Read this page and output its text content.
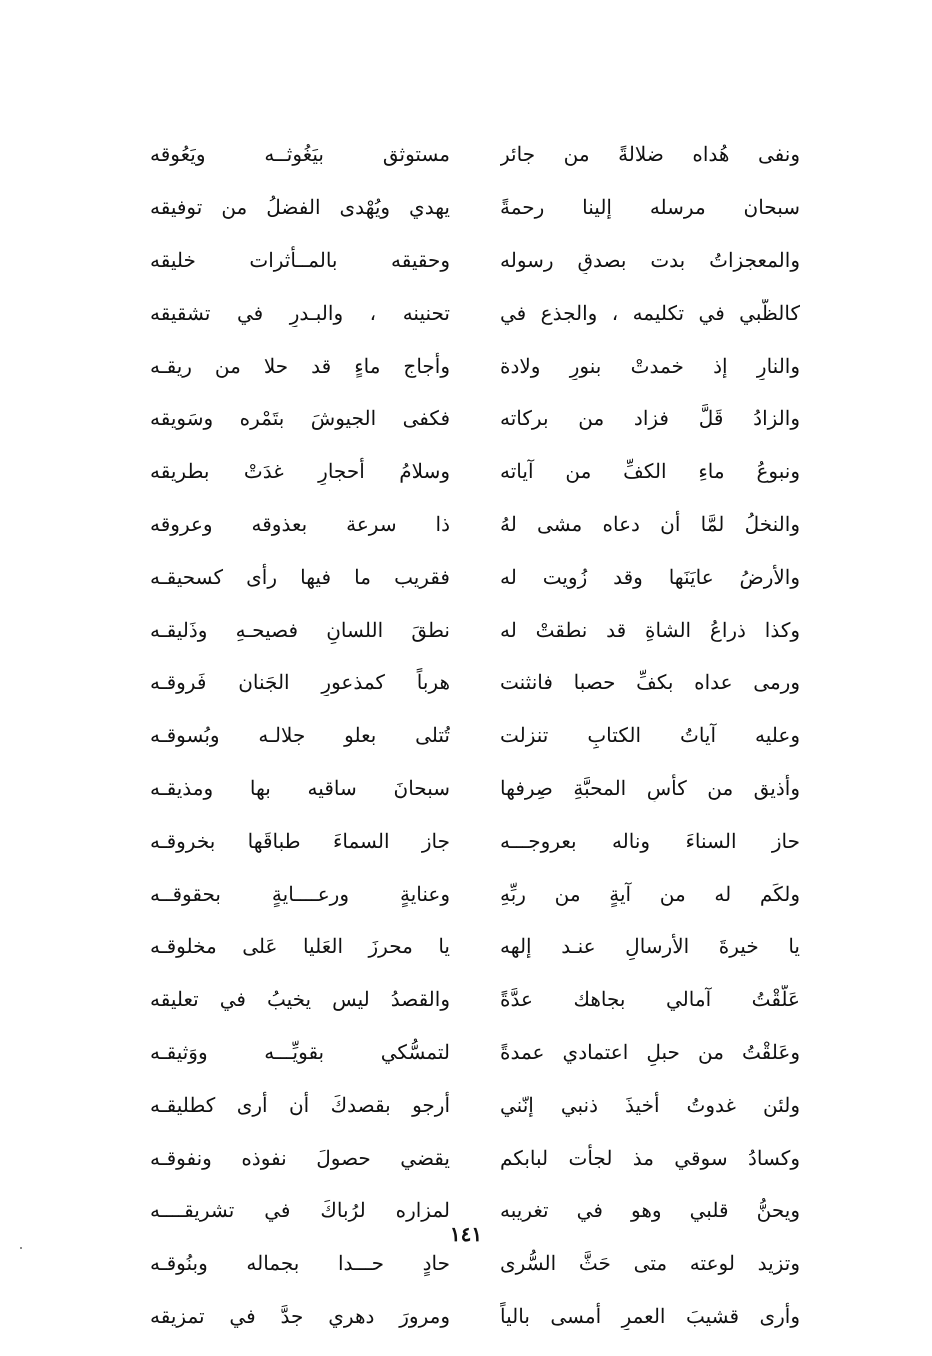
ونفى هُداه ضلالةً من جائر
مستوثق بيَغُوثــه ويَعُوقه
سبحان مرسله إلينا رحمةً
يهدي ويُهْدى الفضلُ من توفيقه
والمعجزاتُ بدت بصدقِ رسوله
وحقيقه بالمــأثرات خليقه
كالظّبي في تكليمه ، والجذع في
تحنينه ، والبـدرِ في تشقيقه
والنارِ إذ خمدتْ بنورِ ولادة
وأُجاجِ ماءٍ قد حلا من ريقـه
والزادُ قَلَّ فزاد من بركاته
فكفى الجيوشَ بتَمْره وسَويقه
ونبوعُ ماءِ الكفِّ من آياته
وسلامُ أحجارٍ غدَتْ بطريقه
والنخلُ لمَّا أن دعاه مشى لهُ
ذا سرعة بعذوقه وعروقه
والأرضُ عايَنَها وقد زُويت له
فقريب ما فيها رأى كسحيقـه
وكذا ذراعُ الشاةِ قد نطقتْ له
نطقَ اللسانِ فصيحـهِ وذَليقـه
ورمى عداه بكفِّ حصبا فانثنت
هرباً كمذعورِ الجَنان فَروقـه
وعليه آياتُ الكتابِ تنزلت
تُتلى بعلو جلالـه وبُسوقـه
وأُذيق من كأسِ المحبَّةِ صِرفها
سبحانَ ساقيه بها ومذيقـه
حاز السناءَ وناله بعروجـــه
جاز السماءَ طباقَها بخروقـه
ولكَم له من آيةٍ من ربِّهِ
وعنايةٍ ورعــــايةٍ بحقوقــه
يا خيرةَ الأرسالِ عنـد إلهه
يا محرزَ العَليا عَلى مخلوقـه
عَلَّقْتُ آمالي بجاهك عدَّةً
والقصدُ ليس يخيبُ في تعليقه
وعَلقْتُ من حبلِ اعتمادي عمدةً
لتمسُّكي بقويِّـــه ووَثيقـه
ولئن غدوتُ أخيذَ ذنبي إنّني
أرجو بقصدكَ أن أرى كطليقـه
وكسادُ سوقي مذ لجأت لبابكم
يقضي حصولَ نفوذه ونفوقـه
ويحنُّ قلبي وهو في تغريبه
لمزاره لرُباكَ في تشريقــــه
وتزيد لوعته متى حَثَّ السُّرى
حادٍ حـــدا بجماله وبنُوقـه
وأرى قشيبَ العمرِ أمسى بالياً
ومرورَ دهري جدَّ في تمزيقه
١٤١
